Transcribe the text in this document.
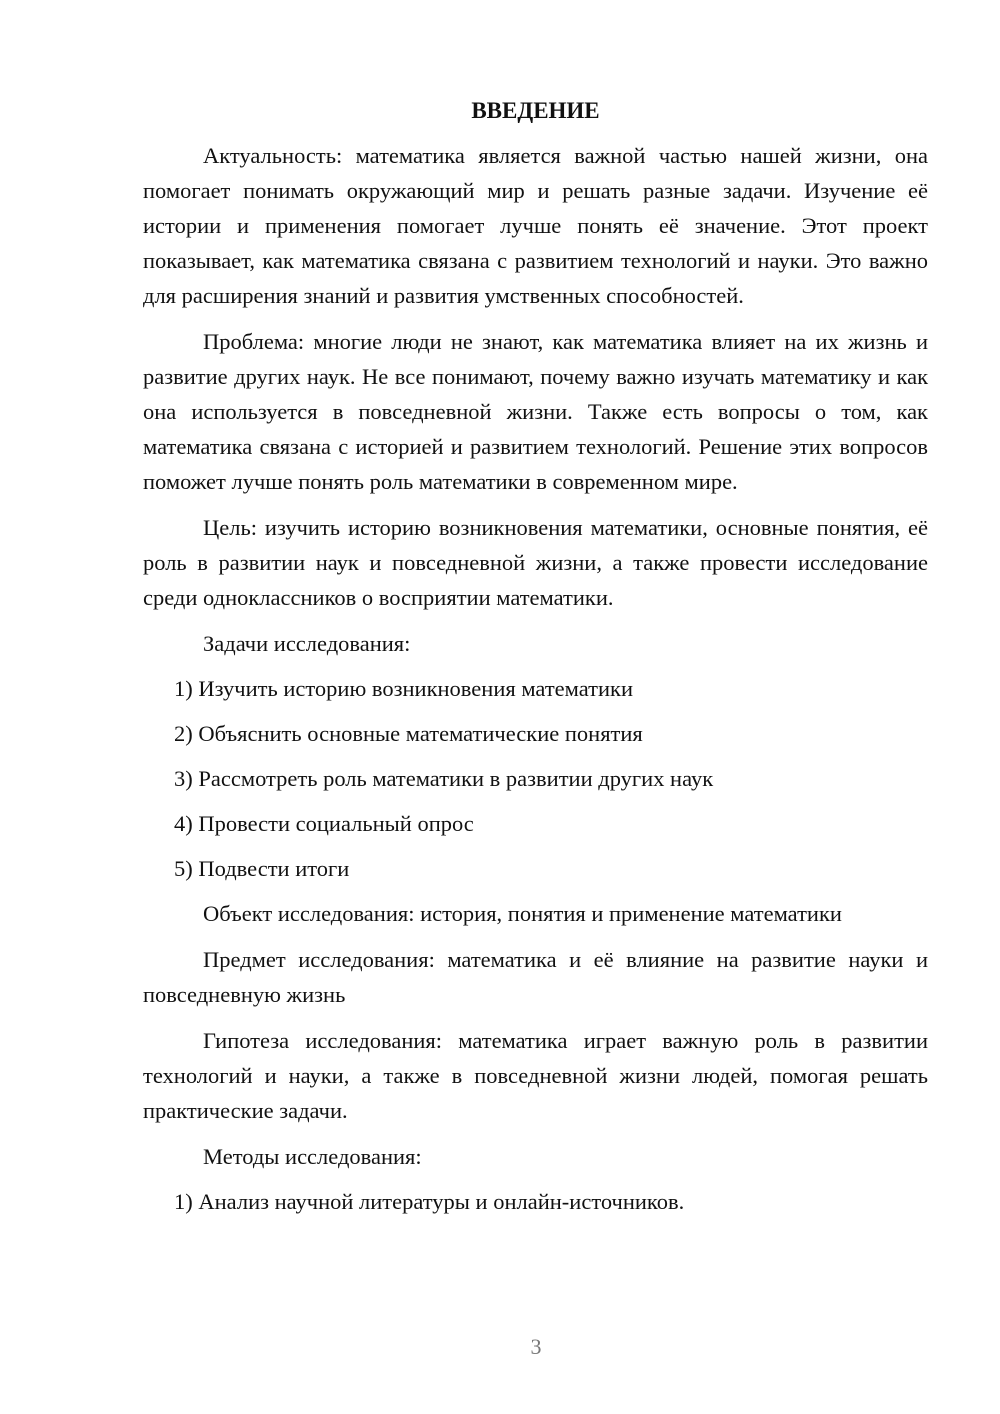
ВВЕДЕНИЕ

Актуальность: математика является важной частью нашей жизни, она помогает понимать окружающий мир и решать разные задачи. Изучение её истории и применения помогает лучше понять её значение. Этот проект показывает, как математика связана с развитием технологий и науки. Это важно для расширения знаний и развития умственных способностей.

Проблема: многие люди не знают, как математика влияет на их жизнь и развитие других наук. Не все понимают, почему важно изучать математику и как она используется в повседневной жизни. Также есть вопросы о том, как математика связана с историей и развитием технологий. Решение этих вопросов поможет лучше понять роль математики в современном мире.

Цель: изучить историю возникновения математики, основные понятия, её роль в развитии наук и повседневной жизни, а также провести исследование среди одноклассников о восприятии математики.

Задачи исследования:
1) Изучить историю возникновения математики
2) Объяснить основные математические понятия
3) Рассмотреть роль математики в развитии других наук
4) Провести социальный опрос
5) Подвести итоги

Объект исследования: история, понятия и применение математики

Предмет исследования: математика и её влияние на развитие науки и повседневную жизнь

Гипотеза исследования: математика играет важную роль в развитии технологий и науки, а также в повседневной жизни людей, помогая решать практические задачи.

Методы исследования:
1) Анализ научной литературы и онлайн-источников.
3
